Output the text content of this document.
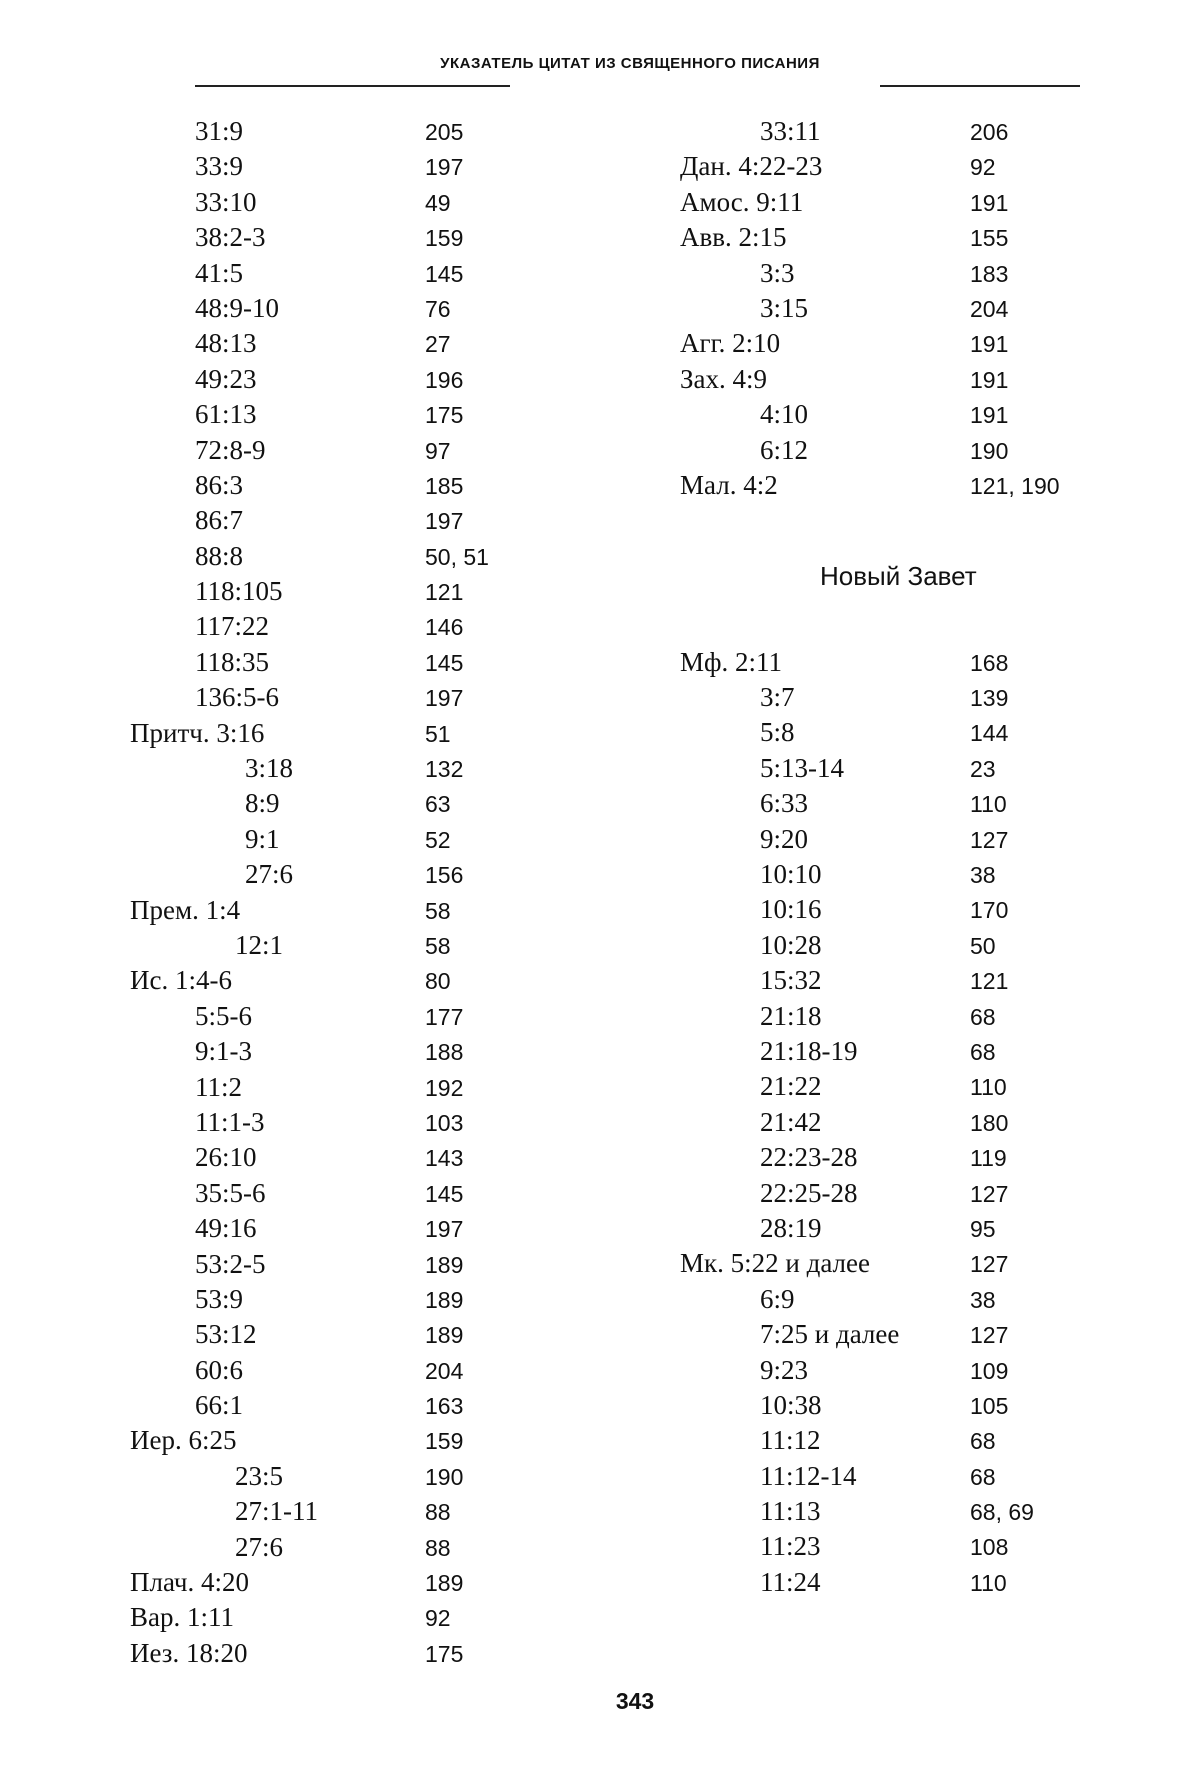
УКАЗАТЕЛЬ ЦИТАТ ИЗ СВЯЩЕННОГО ПИСАНИЯ
31:9	205
33:9	197
33:10	49
38:2-3	159
41:5	145
48:9-10	76
48:13	27
49:23	196
61:13	175
72:8-9	97
86:3	185
86:7	197
88:8	50, 51
118:105	121
117:22	146
118:35	145
136:5-6	197
Притч. 3:16	51
3:18	132
8:9	63
9:1	52
27:6	156
Прем. 1:4	58
12:1	58
Ис. 1:4-6	80
5:5-6	177
9:1-3	188
11:2	192
11:1-3	103
26:10	143
35:5-6	145
49:16	197
53:2-5	189
53:9	189
53:12	189
60:6	204
66:1	163
Иер. 6:25	159
23:5	190
27:1-11	88
27:6	88
Плач. 4:20	189
Вар. 1:11	92
Иез. 18:20	175
33:11	206
Дан. 4:22-23	92
Амос. 9:11	191
Авв. 2:15	155
3:3	183
3:15	204
Агг. 2:10	191
Зах. 4:9	191
4:10	191
6:12	190
Мал. 4:2	121, 190
Новый Завет
Мф. 2:11	168
3:7	139
5:8	144
5:13-14	23
6:33	110
9:20	127
10:10	38
10:16	170
10:28	50
15:32	121
21:18	68
21:18-19	68
21:22	110
21:42	180
22:23-28	119
22:25-28	127
28:19	95
Мк. 5:22 и далее	127
6:9	38
7:25 и далее	127
9:23	109
10:38	105
11:12	68
11:12-14	68
11:13	68, 69
11:23	108
11:24	110
343
